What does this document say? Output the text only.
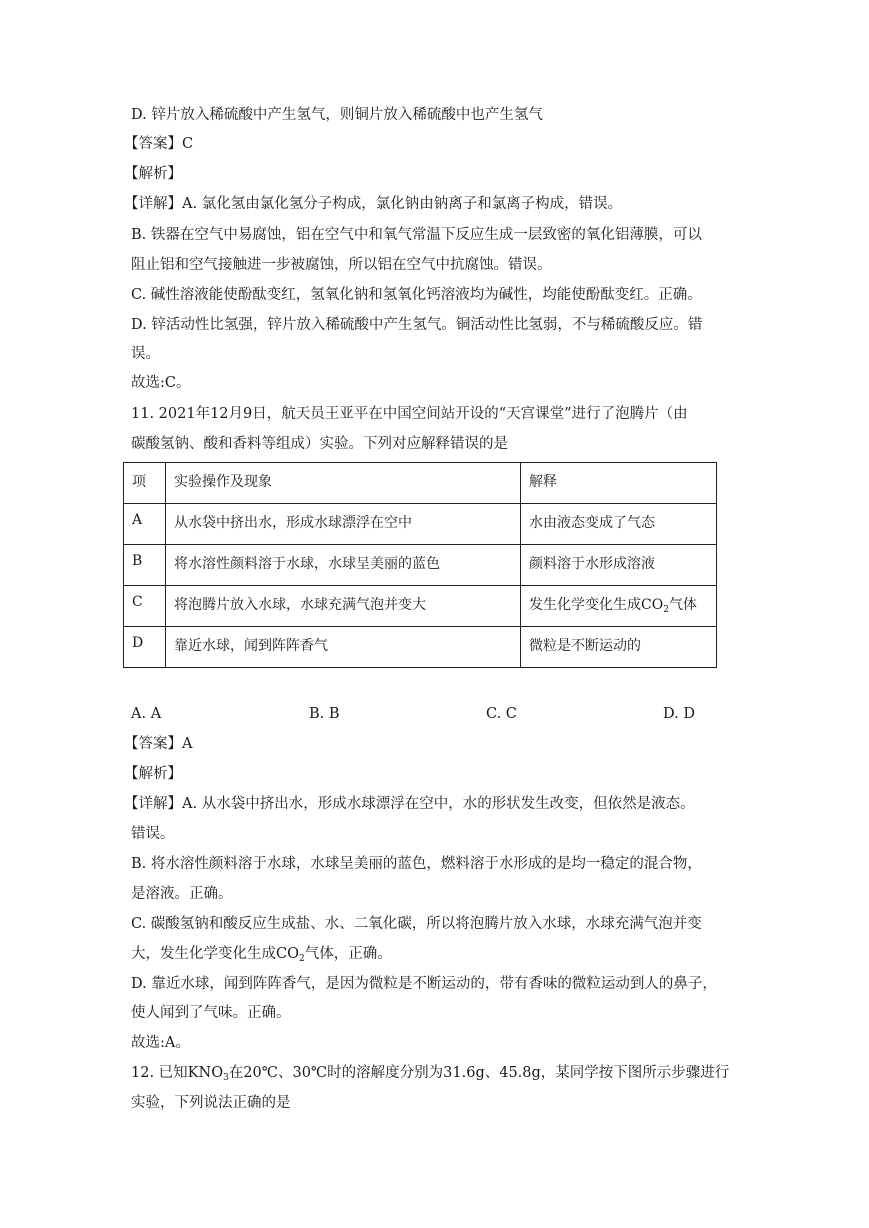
D. 锌片放入稀硫酸中产生氢气，则铜片放入稀硫酸中也产生氢气
【答案】C
【解析】
【详解】A. 氯化氢由氯化氢分子构成，氯化钠由钠离子和氯离子构成，错误。
B. 铁器在空气中易腐蚀，铝在空气中和氧气常温下反应生成一层致密的氧化铝薄膜，可以
阻止铝和空气接触进一步被腐蚀，所以铝在空气中抗腐蚀。错误。
C. 碱性溶液能使酚酞变红，氢氧化钠和氢氧化钙溶液均为碱性，均能使酚酞变红。正确。
D. 锌活动性比氢强，锌片放入稀硫酸中产生氢气。铜活动性比氢弱，不与稀硫酸反应。错
误。
故选:C。
11. 2021年12月9日，航天员王亚平在中国空间站开设的“天宫课堂”进行了泡腾片（由
碳酸氢钠、酸和香料等组成）实验。下列对应解释错误的是
项	实验操作及现象	解释
A	从水袋中挤出水，形成水球漂浮在空中	水由液态变成了气态
B	将水溶性颜料溶于水球，水球呈美丽的蓝色	颜料溶于水形成溶液
C	将泡腾片放入水球，水球充满气泡并变大	发生化学变化生成$CO_2$气体
D	靠近水球，闻到阵阵香气	微粒是不断运动的
A. A	B. B	C. C	D. D
【答案】A
【解析】
【详解】A. 从水袋中挤出水，形成水球漂浮在空中，水的形状发生改变，但依然是液态。
错误。
B. 将水溶性颜料溶于水球，水球呈美丽的蓝色，燃料溶于水形成的是均一稳定的混合物，
是溶液。正确。
C. 碳酸氢钠和酸反应生成盐、水、二氧化碳，所以将泡腾片放入水球，水球充满气泡并变
大，发生化学变化生成$CO_2$气体，正确。
D. 靠近水球，闻到阵阵香气，是因为微粒是不断运动的，带有香味的微粒运动到人的鼻子，
使人闻到了气味。正确。
故选:A。
12. 已知$KNO_3$在20℃、30℃时的溶解度分别为31.6g、45.8g，某同学按下图所示步骤进行
实验，下列说法正确的是
